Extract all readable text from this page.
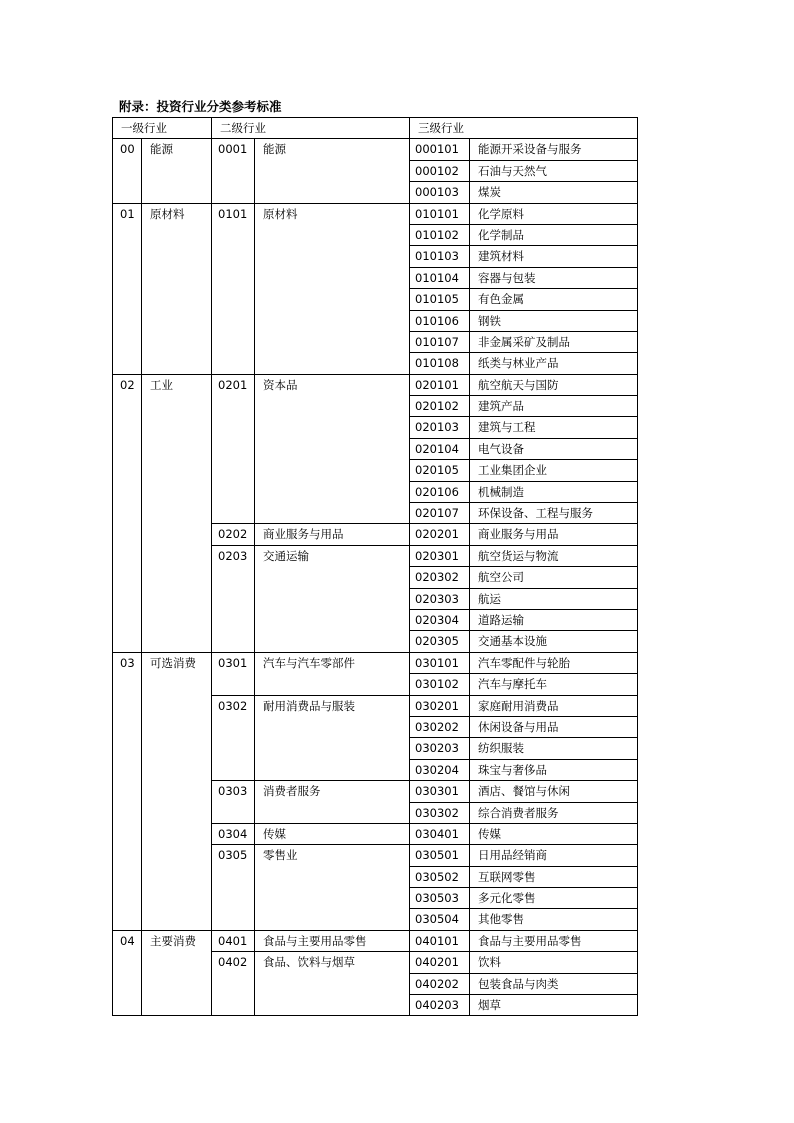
附录：投资行业分类参考标准
一级行业		二级行业		三级行业	
00	能源	0001	能源	000101	能源开采设备与服务
				000102	石油与天然气
				000103	煤炭
01	原材料	0101	原材料	010101	化学原料
				010102	化学制品
				010103	建筑材料
				010104	容器与包装
				010105	有色金属
				010106	钢铁
				010107	非金属采矿及制品
				010108	纸类与林业产品
02	工业	0201	资本品	020101	航空航天与国防
				020102	建筑产品
				020103	建筑与工程
				020104	电气设备
				020105	工业集团企业
				020106	机械制造
				020107	环保设备、工程与服务
		0202	商业服务与用品	020201	商业服务与用品
		0203	交通运输	020301	航空货运与物流
				020302	航空公司
				020303	航运
				020304	道路运输
				020305	交通基本设施
03	可选消费	0301	汽车与汽车零部件	030101	汽车零配件与轮胎
				030102	汽车与摩托车
		0302	耐用消费品与服装	030201	家庭耐用消费品
				030202	休闲设备与用品
				030203	纺织服装
				030204	珠宝与奢侈品
		0303	消费者服务	030301	酒店、餐馆与休闲
				030302	综合消费者服务
		0304	传媒	030401	传媒
		0305	零售业	030501	日用品经销商
				030502	互联网零售
				030503	多元化零售
				030504	其他零售
04	主要消费	0401	食品与主要用品零售	040101	食品与主要用品零售
		0402	食品、饮料与烟草	040201	饮料
				040202	包装食品与肉类
				040203	烟草
